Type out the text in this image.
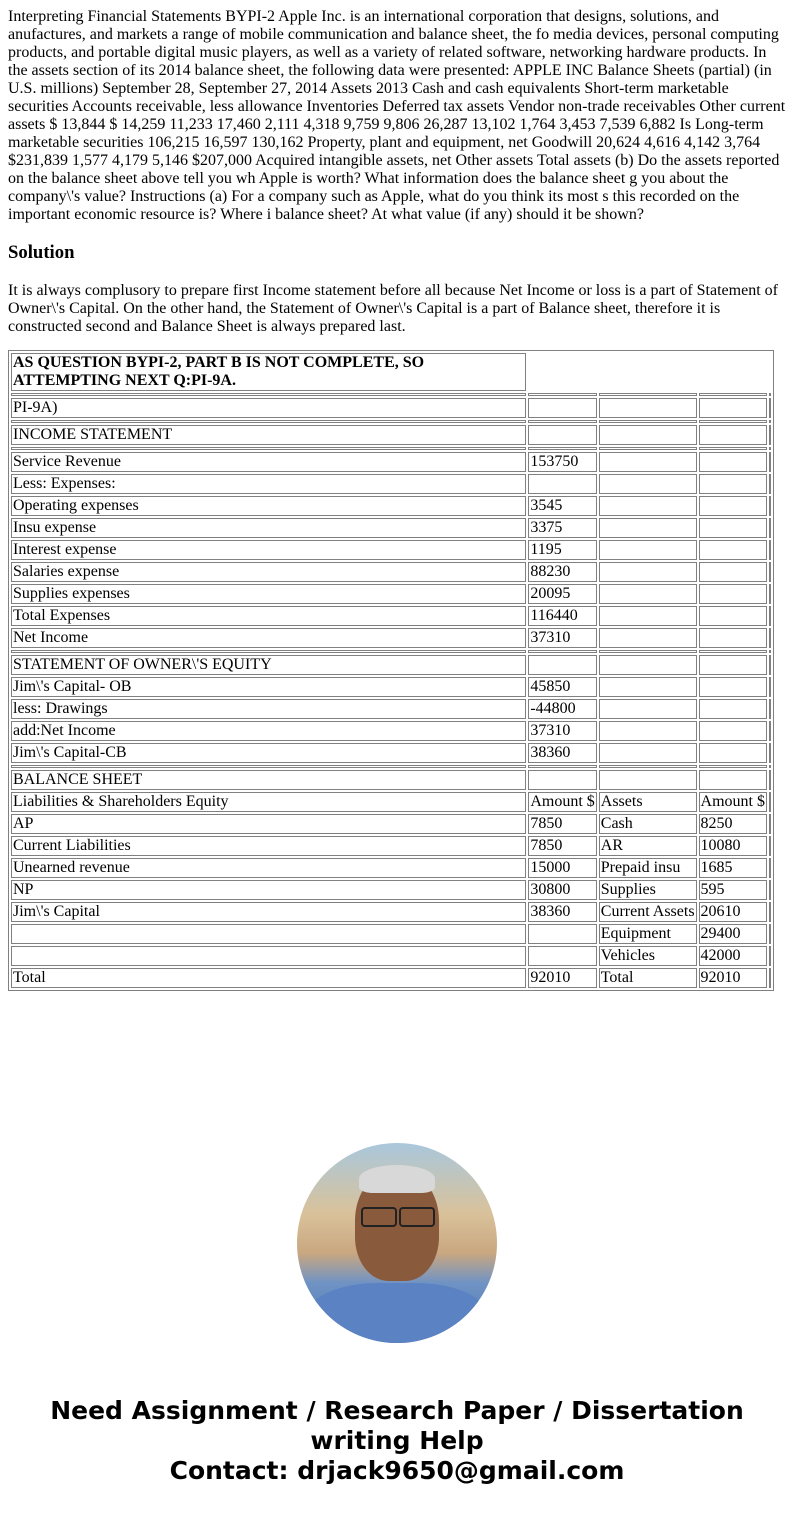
Interpreting Financial Statements BYPI-2 Apple Inc. is an international corporation that designs, solutions, and anufactures, and markets a range of mobile communication and balance sheet, the fo media devices, personal computing products, and portable digital music players, as well as a variety of related software, networking hardware products. In the assets section of its 2014 balance sheet, the following data were presented: APPLE INC Balance Sheets (partial) (in U.S. millions) September 28, September 27, 2014 Assets 2013 Cash and cash equivalents Short-term marketable securities Accounts receivable, less allowance Inventories Deferred tax assets Vendor non-trade receivables Other current assets $ 13,844 $ 14,259 11,233 17,460 2,111 4,318 9,759 9,806 26,287 13,102 1,764 3,453 7,539 6,882 Is Long-term marketable securities 106,215 16,597 130,162 Property, plant and equipment, net Goodwill 20,624 4,616 4,142 3,764 $231,839 1,577 4,179 5,146 $207,000 Acquired intangible assets, net Other assets Total assets (b) Do the assets reported on the balance sheet above tell you wh Apple is worth? What information does the balance sheet g you about the company\'s value? Instructions (a) For a company such as Apple, what do you think its most s this recorded on the important economic resource is? Where i balance sheet? At what value (if any) should it be shown?

Solution

It is always complusory to prepare first Income statement before all because Net Income or loss is a part of Statement of Owner\'s Capital. On the other hand, the Statement of Owner\'s Capital is a part of Balance sheet, therefore it is constructed second and Balance Sheet is always prepared last.

AS QUESTION BYPI-2, PART B IS NOT COMPLETE, SO ATTEMPTING NEXT Q:PI-9A.				

PI-9A)				

INCOME STATEMENT				

Service Revenue	153750			
Less: Expenses:				
Operating expenses	3545			
Insu expense	3375			
Interest expense	1195			
Salaries expense	88230			
Supplies expenses	20095			
Total Expenses	116440			
Net Income	37310			

STATEMENT OF OWNER\'S EQUITY				
Jim\'s Capital- OB	45850			
less: Drawings	-44800			
add:Net Income	37310			
Jim\'s Capital-CB	38360			

BALANCE SHEET				
Liabilities & Shareholders Equity	Amount $	Assets	Amount $	
AP	7850	Cash	8250	
Current Liabilities	7850	AR	10080	
Unearned revenue	15000	Prepaid insu	1685	
NP	30800	Supplies	595	
Jim\'s Capital	38360	Current Assets	20610	
		Equipment	29400	
		Vehicles	42000	
Total	92010	Total	92010	
Need Assignment / Research Paper / Dissertation writing Help
Contact: drjack9650@gmail.com
